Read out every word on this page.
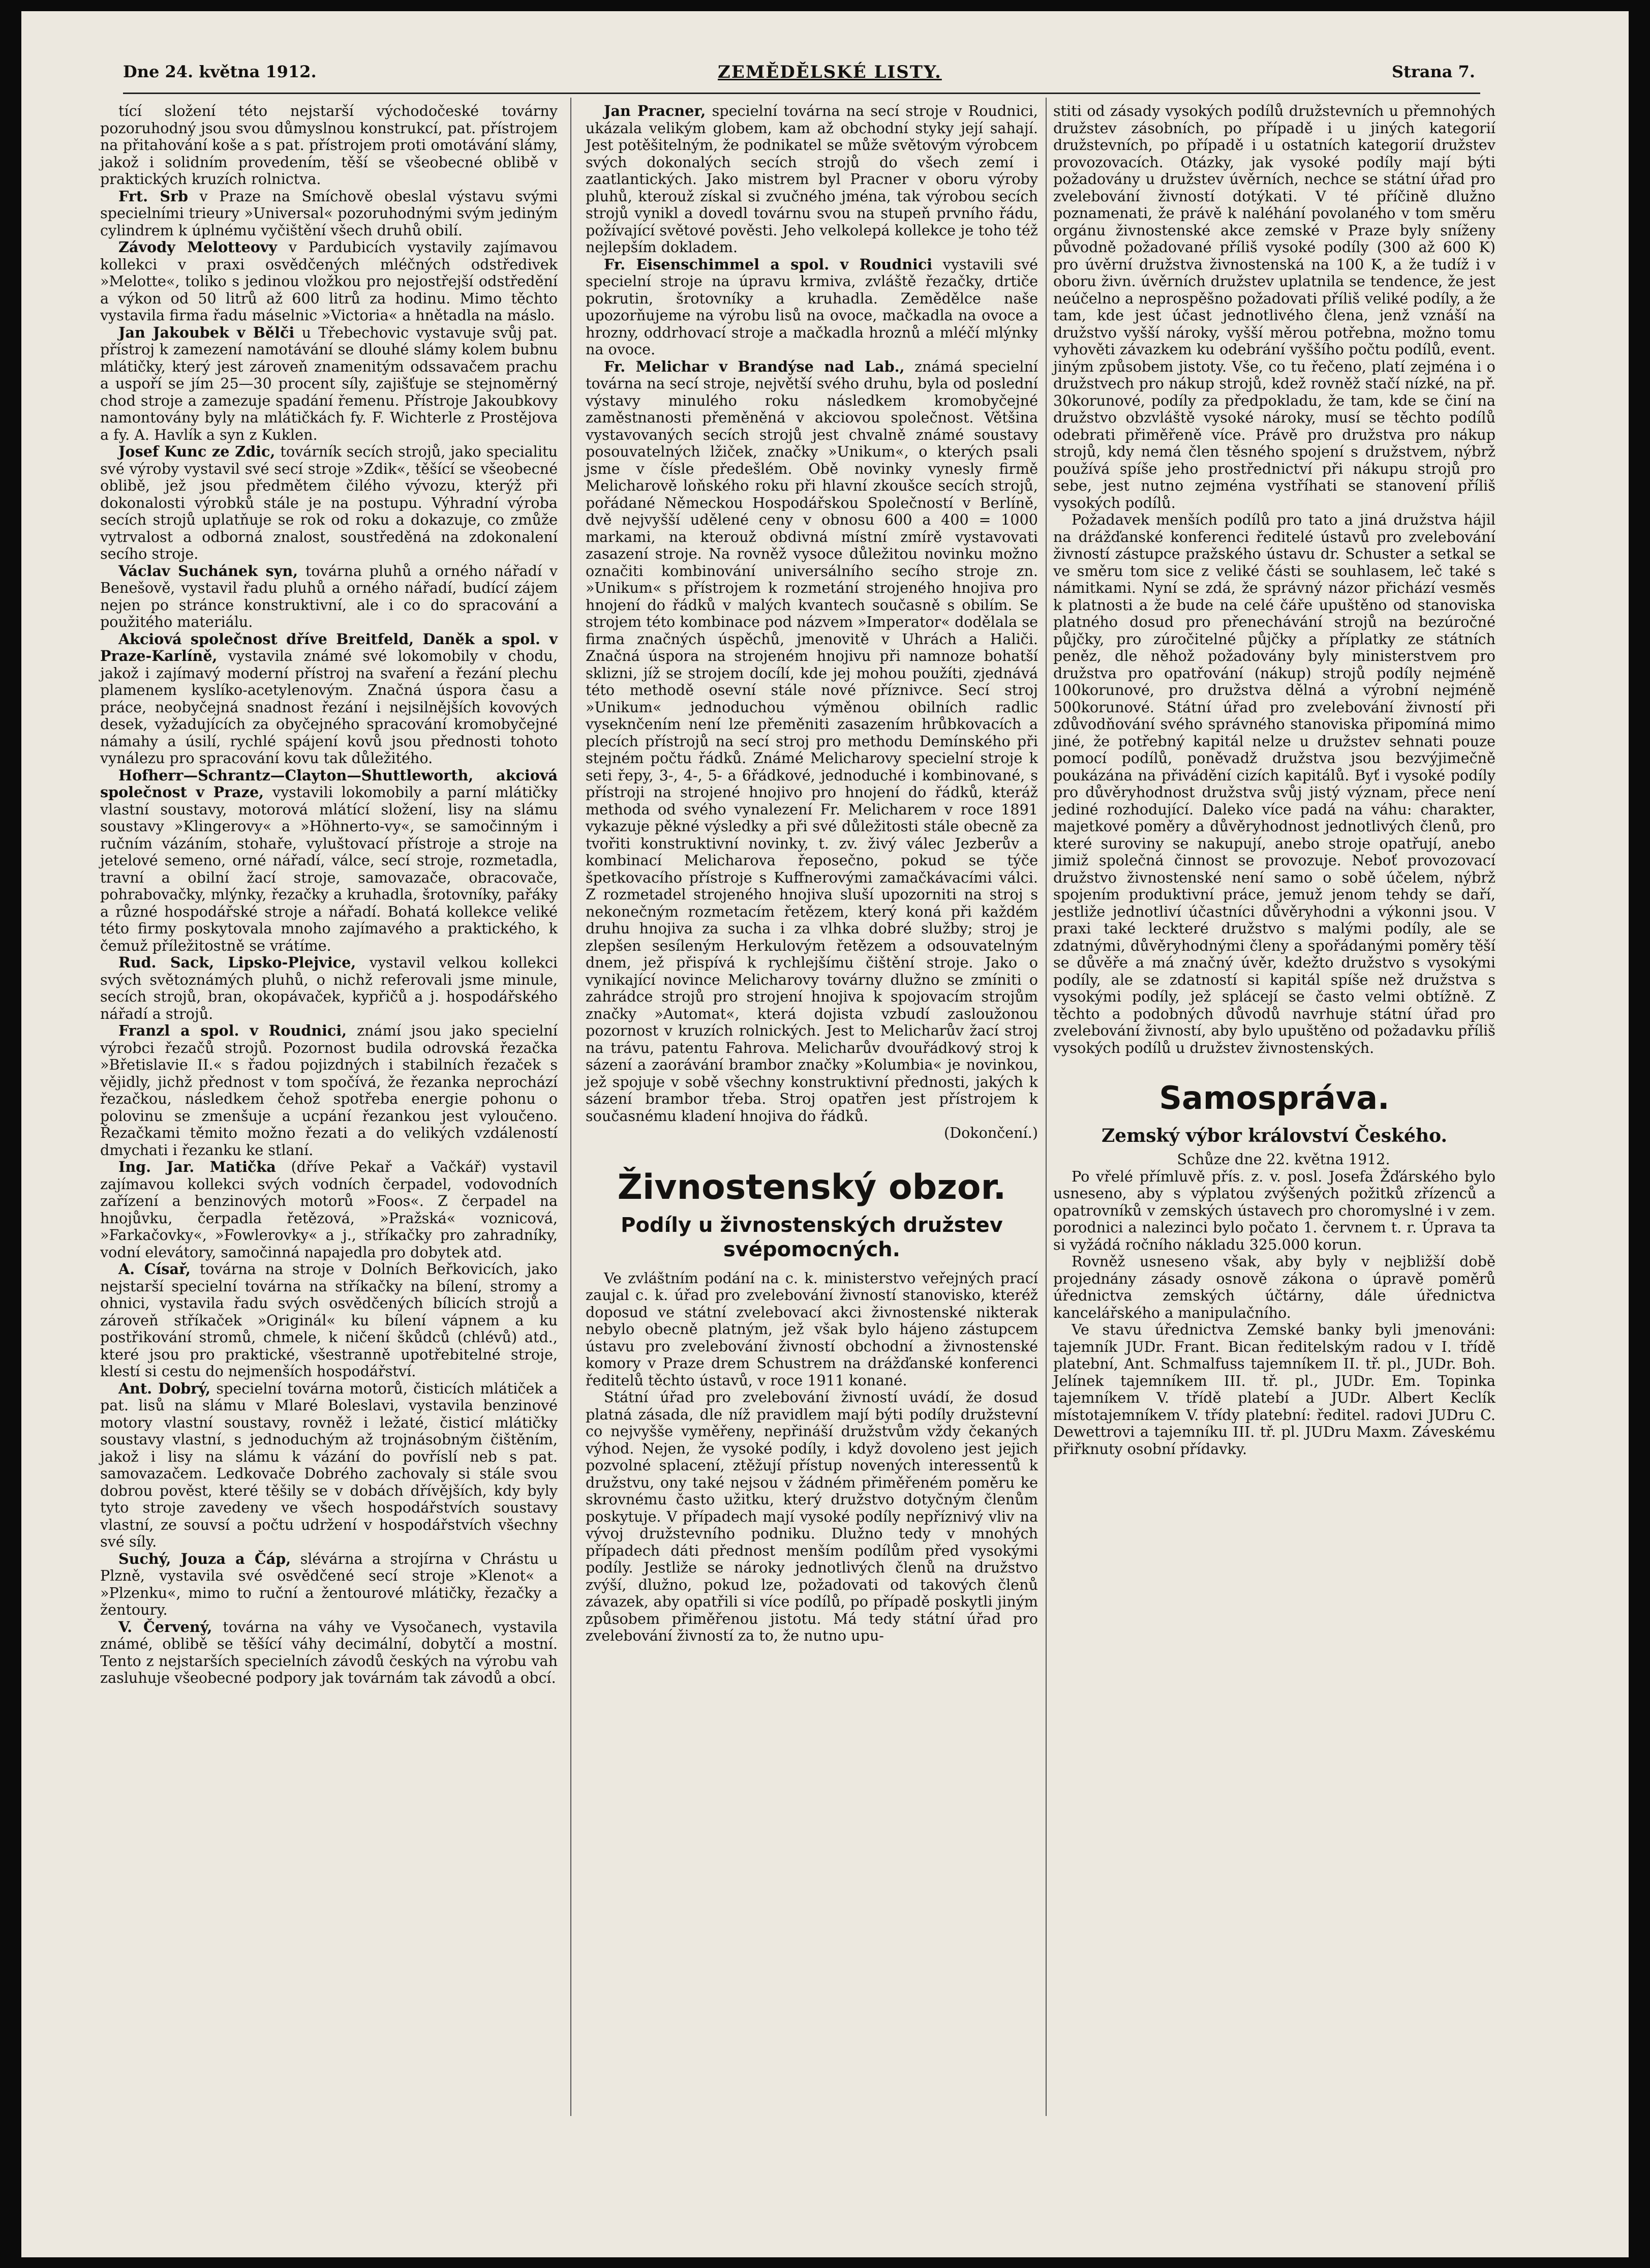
Dne 24. května 1912.	ZEMĚDĚLSKÉ LISTY.	Strana 7.

tící složení této nejstarší východočeské továrny pozoruhodný jsou svou důmyslnou konstrukcí, pat. přístrojem na přitahování koše a s pat. přístrojem proti omotávání slámy, jakož i solidním provedením, těší se všeobecné oblibě v praktických kruzích rolnictva.

Frt. Srb v Praze na Smíchově obeslal výstavu svými specielními trieury »Universal« pozoruhodnými svým jediným cylindrem k úplnému vyčištění všech druhů obilí.

Závody Melotteovy v Pardubicích vystavily zajímavou kollekci v praxi osvědčených mléčných odstředivek »Melotte«, toliko s jedinou vložkou pro nejostřejší odstředění a výkon od 50 litrů až 600 litrů za hodinu. Mimo těchto vystavila firma řadu máselnic »Victoria« a hnětadla na máslo.

Jan Jakoubek v Bělči u Třebechovic vystavuje svůj pat. přístroj k zamezení namotávání se dlouhé slámy kolem bubnu mlátičky, který jest zároveň znamenitým odssavačem prachu a uspoří se jím 25—30 procent síly, zajišťuje se stejnoměrný chod stroje a zamezuje spadání řemenu. Přístroje Jakoubkovy namontovány byly na mlátičkách fy. F. Wichterle z Prostějova a fy. A. Havlík a syn z Kuklen.

Josef Kunc ze Zdic, továrník secích strojů, jako specialitu své výroby vystavil své secí stroje »Zdik«, těšící se všeobecné oblibě, jež jsou předmětem čilého vývozu, kterýž při dokonalosti výrobků stále je na postupu. Výhradní výroba secích strojů uplatňuje se rok od roku a dokazuje, co zmůže vytrvalost a odborná znalost, soustředěná na zdokonalení secího stroje.

Václav Suchánek syn, továrna pluhů a orného nářadí v Benešově, vystavil řadu pluhů a orného nářadí, budící zájem nejen po stránce konstruktivní, ale i co do spracování a použitého materiálu.

Akciová společnost dříve Breitfeld, Daněk a spol. v Praze-Karlíně, vystavila známé své lokomobily v chodu, jakož i zajímavý moderní přístroj na svaření a řezání plechu plamenem kyslíko-acetylenovým. Značná úspora času a práce, neobyčejná snadnost řezání i nejsilnějších kovových desek, vyžadujících za obyčejného spracování kromobyčejné námahy a úsilí, rychlé spájení kovů jsou přednosti tohoto vynálezu pro spracování kovu tak důležitého.

Hofherr—Schrantz—Clayton—Shuttleworth, akciová společnost v Praze, vystavili lokomobily a parní mlátičky vlastní soustavy, motorová mlátící složení, lisy na slámu soustavy »Klingerovy« a »Höhnerto-vy«, se samočinným i ručním vázáním, stohaře, vyluštovací přístroje a stroje na jetelové semeno, orné nářadí, válce, secí stroje, rozmetadla, travní a obilní žací stroje, samovazače, obracovače, pohrabovačky, mlýnky, řezačky a kruhadla, šrotovníky, pařáky a různé hospodářské stroje a nářadí. Bohatá kollekce veliké této firmy poskytovala mnoho zajímavého a praktického, k čemuž příležitostně se vrátíme.

Rud. Sack, Lipsko-Plejvice, vystavil velkou kollekci svých světoznámých pluhů, o nichž referovali jsme minule, secích strojů, bran, okopávaček, kypřičů a j. hospodářského nářadí a strojů.

Franzl a spol. v Roudnici, známí jsou jako specielní výrobci řezačů strojů. Pozornost budila odrovská řezačka »Břetislavie II.« s řadou pojizdných i stabilních řezaček s vějidly, jichž přednost v tom spočívá, že řezanka neprochází řezačkou, následkem čehož spotřeba energie pohonu o polovinu se zmenšuje a ucpání řezankou jest vyloučeno. Řezačkami těmito možno řezati a do velikých vzdáleností dmychati i řezanku ke stlaní.

Ing. Jar. Matička (dříve Pekař a Vačkář) vystavil zajímavou kollekci svých vodních čerpadel, vodovodních zařízení a benzinových motorů »Foos«. Z čerpadel na hnojůvku, čerpadla řetězová, »Pražská« voznicová, »Farkačovky«, »Fowlerovky« a j., stříkačky pro zahradníky, vodní elevátory, samočinná napajedla pro dobytek atd.

A. Císař, továrna na stroje v Dolních Beřkovicích, jako nejstarší specielní továrna na stříkačky na bílení, stromy a ohnici, vystavila řadu svých osvědčených bílicích strojů a zároveň stříkaček »Originál« ku bílení vápnem a ku postřikování stromů, chmele, k ničení škůdců (chlévů) atd., které jsou pro praktické, všestranně upotřebitelné stroje, klestí si cestu do nejmenších hospodářství.

Ant. Dobrý, specielní továrna motorů, čisticích mlátiček a pat. lisů na slámu v Mlaré Boleslavi, vystavila benzinové motory vlastní soustavy, rovněž i ležaté, čisticí mlátičky soustavy vlastní, s jednoduchým až trojnásobným čištěním, jakož i lisy na slámu k vázání do povříslí neb s pat. samovazačem. Ledkovače Dobrého zachovaly si stále svou dobrou pověst, které těšily se v dobách dřívějších, kdy byly tyto stroje zavedeny ve všech hospodářstvích soustavy vlastní, ze souvsí a počtu udržení v hospodářstvích všechny své síly.

Suchý, Jouza a Čáp, slévárna a strojírna v Chrástu u Plzně, vystavila své osvědčené secí stroje »Klenot« a »Plzenku«, mimo to ruční a žentourové mlátičky, řezačky a žentoury.

V. Červený, továrna na váhy ve Vysočanech, vystavila známé, oblibě se těšící váhy decimální, dobytčí a mostní. Tento z nejstarších specielních závodů českých na výrobu vah zasluhuje všeobecné podpory jak továrnám tak závodů a obcí.

Jan Pracner, specielní továrna na secí stroje v Roudnici, ukázala velikým globem, kam až obchodní styky její sahají. Jest potěšitelným, že podnikatel se může světovým výrobcem svých dokonalých secích strojů do všech zemí i zaatlantických. Jako mistrem byl Pracner v oboru výroby pluhů, kterouž získal si zvučného jména, tak výrobou secích strojů vynikl a dovedl továrnu svou na stupeň prvního řádu, požívající světové pověsti. Jeho velkolepá kollekce je toho též nejlepším dokladem.

Fr. Eisenschimmel a spol. v Roudnici vystavili své specielní stroje na úpravu krmiva, zvláště řezačky, drtiče pokrutin, šrotovníky a kruhadla. Zemědělce naše upozorňujeme na výrobu lisů na ovoce, mačkadla na ovoce a hrozny, oddrhovací stroje a mačkadla hroznů a mléčí mlýnky na ovoce.

Fr. Melichar v Brandýse nad Lab., známá specielní továrna na secí stroje, největší svého druhu, byla od poslední výstavy minulého roku následkem kromobyčejné zaměstnanosti přeměněná v akciovou společnost. Většina vystavovaných secích strojů jest chvalně známé soustavy posouvatelných lžiček, značky »Unikum«, o kterých psali jsme v čísle předešlém. Obě novinky vynesly firmě Melicharově loňského roku při hlavní zkoušce secích strojů, pořádané Německou Hospodářskou Společností v Berlíně, dvě nejvyšší udělené ceny v obnosu 600 a 400 = 1000 markami, na kterouž obdivná místní zmírě vystavovati zasazení stroje. Na rovněž vysoce důležitou novinku možno označiti kombinování universálního secího stroje zn. »Unikum« s přístrojem k rozmetání strojeného hnojiva pro hnojení do řádků v malých kvantech současně s obilím. Se strojem této kombinace pod názvem »Imperator« dodělala se firma značných úspěchů, jmenovitě v Uhrách a Haliči. Značná úspora na strojeném hnojivu při namnoze bohatší sklizni, jíž se strojem docílí, kde jej mohou použíti, zjednává této methodě osevní stále nové příznivce. Secí stroj »Unikum« jednoduchou výměnou obilních radlic vyseknčením není lze přeměniti zasazením hrůbkovacích a plecích přístrojů na secí stroj pro methodu Demínského při stejném počtu řádků. Známé Melicharovy specielní stroje k seti řepy, 3-, 4-, 5- a 6řádkové, jednoduché i kombinované, s přístroji na strojené hnojivo pro hnojení do řádků, kteráž methoda od svého vynalezení Fr. Melicharem v roce 1891 vykazuje pěkné výsledky a při své důležitosti stále obecně za tvořiti konstruktivní novinky, t. zv. živý válec Jezberův a kombinací Melicharova řeposečno, pokud se týče špetkovacího přístroje s Kuffnerovými zamačkávacími válci. Z rozmetadel strojeného hnojiva sluší upozorniti na stroj s nekonečným rozmetacím řetězem, který koná při každém druhu hnojiva za sucha i za vlhka dobré služby; stroj je zlepšen sesíleným Herkulovým řetězem a odsouvatelným dnem, jež přispívá k rychlejšímu čištění stroje. Jako o vynikající novince Melicharovy továrny dlužno se zmíniti o zahrádce strojů pro strojení hnojiva k spojovacím strojům značky »Automat«, která dojista vzbudí zasloužonou pozornost v kruzích rolnických. Jest to Melicharův žací stroj na trávu, patentu Fahrova. Melicharův dvouřádkový stroj k sázení a zaorávání brambor značky »Kolumbia« je novinkou, jež spojuje v sobě všechny konstruktivní přednosti, jakých k sázení brambor třeba. Stroj opatřen jest přístrojem k současnému kladení hnojiva do řádků.

(Dokončení.)

Živnostenský obzor.
Podíly u živnostenských družstev svépomocných.

Ve zvláštním podání na c. k. ministerstvo veřejných prací zaujal c. k. úřad pro zvelebování živností stanovisko, kteréž doposud ve státní zvelebovací akci živnostenské nikterak nebylo obecně platným, jež však bylo hájeno zástupcem ústavu pro zvelebování živností obchodní a živnostenské komory v Praze drem Schustrem na drážďanské konferenci ředitelů těchto ústavů, v roce 1911 konané.

Státní úřad pro zvelebování živností uvádí, že dosud platná zásada, dle níž pravidlem mají býti podíly družstevní co nejvyšše vyměřeny, nepřináší družstvům vždy čekaných výhod. Nejen, že vysoké podíly, i když dovoleno jest jejich pozvolné splacení, ztěžují přístup novených interessentů k družstvu, ony také nejsou v žádném přiměřeném poměru ke skrovnému často užitku, který družstvo dotyčným členům poskytuje. V případech mají vysoké podíly nepříznivý vliv na vývoj družstevního podniku. Dlužno tedy v mnohých případech dáti přednost menším podílům před vysokými podíly. Jestliže se nároky jednotlivých členů na družstvo zvýší, dlužno, pokud lze, požadovati od takových členů závazek, aby opatřili si více podílů, po případě poskytli jiným způsobem přiměřenou jistotu. Má tedy státní úřad pro zvelebování živností za to, že nutno upu-

stiti od zásady vysokých podílů družstevních u přemnohých družstev zásobních, po případě i u jiných kategorií družstevních, po případě i u ostatních kategorií družstev provozovacích. Otázky, jak vysoké podíly mají býti požadovány u družstev úvěrních, nechce se státní úřad pro zvelebování živností dotýkati. V té příčině dlužno poznamenati, že právě k naléhání povolaného v tom směru orgánu živnostenské akce zemské v Praze byly sníženy původně požadované příliš vysoké podíly (300 až 600 K) pro úvěrní družstva živnostenská na 100 K, a že tudíž i v oboru živn. úvěrních družstev uplatnila se tendence, že jest neúčelno a neprospěšno požadovati příliš veliké podíly, a že tam, kde jest účast jednotlivého člena, jenž vznáší na družstvo vyšší nároky, vyšší měrou potřebna, možno tomu vyhověti závazkem ku odebrání vyššího počtu podílů, event. jiným způsobem jistoty. Vše, co tu řečeno, platí zejména i o družstvech pro nákup strojů, kdež rovněž stačí nízké, na př. 30korunové, podíly za předpokladu, že tam, kde se činí na družstvo obzvláště vysoké nároky, musí se těchto podílů odebrati přiměřeně více. Právě pro družstva pro nákup strojů, kdy nemá člen těsného spojení s družstvem, nýbrž používá spíše jeho prostřednictví při nákupu strojů pro sebe, jest nutno zejména vystříhati se stanovení příliš vysokých podílů.

Požadavek menších podílů pro tato a jiná družstva hájil na drážďanské konferenci ředitelé ústavů pro zvelebování živností zástupce pražského ústavu dr. Schuster a setkal se ve směru tom sice z veliké části se souhlasem, leč také s námitkami. Nyní se zdá, že správný názor přichází vesměs k platnosti a že bude na celé čáře upuštěno od stanoviska platného dosud pro přenechávání strojů na bezúročné půjčky, pro zúročitelné půjčky a příplatky ze státních peněz, dle něhož požadovány byly ministerstvem pro družstva pro opatřování (nákup) strojů podíly nejméně 100korunové, pro družstva dělná a výrobní nejméně 500korunové. Státní úřad pro zvelebování živností při zdůvodňování svého správného stanoviska připomíná mimo jiné, že potřebný kapitál nelze u družstev sehnati pouze pomocí podílů, poněvadž družstva jsou bezvýjimečně poukázána na přivádění cizích kapitálů. Byť i vysoké podíly pro důvěryhodnost družstva svůj jistý význam, přece není jediné rozhodující. Daleko více padá na váhu: charakter, majetkové poměry a důvěryhodnost jednotlivých členů, pro které suroviny se nakupují, anebo stroje opatřují, anebo jimiž společná činnost se provozuje. Neboť provozovací družstvo živnostenské není samo o sobě účelem, nýbrž spojením produktivní práce, jemuž jenom tehdy se daří, jestliže jednotliví účastníci důvěryhodni a výkonni jsou. V praxi také leckteré družstvo s malými podíly, ale se zdatnými, důvěryhodnými členy a spořádanými poměry těší se důvěře a má značný úvěr, kdežto družstvo s vysokými podíly, ale se zdatností si kapitál spíše než družstva s vysokými podíly, jež splácejí se často velmi obtížně. Z těchto a podobných důvodů navrhuje státní úřad pro zvelebování živností, aby bylo upuštěno od požadavku příliš vysokých podílů u družstev živnostenských.

Samospráva.
Zemský výbor království Českého.

Schůze dne 22. května 1912.

Po vřelé přímluvě přís. z. v. posl. Josefa Žďárského bylo usneseno, aby s výplatou zvýšených požitků zřízenců a opatrovníků v zemských ústavech pro choromyslné i v zem. porodnici a nalezinci bylo počato 1. červnem t. r. Úprava ta si vyžádá ročního nákladu 325.000 korun.

Rovněž usneseno však, aby byly v nejbližší době projednány zásady osnově zákona o úpravě poměrů úřednictva zemských účtárny, dále úřednictva kancelářského a manipulačního.

Ve stavu úřednictva Zemské banky byli jmenováni: tajemník JUDr. Frant. Bican ředitelským radou v I. třídě platební, Ant. Schmalfuss tajemníkem II. tř. pl., JUDr. Boh. Jelínek tajemníkem III. tř. pl., JUDr. Em. Topinka tajemníkem V. třídě platebí a JUDr. Albert Keclík místotajemníkem V. třídy platební: ředitel. radovi JUDru C. Dewettrovi a tajemníku III. tř. pl. JUDru Maxm. Záveskému přiřknuty osobní přídavky.
